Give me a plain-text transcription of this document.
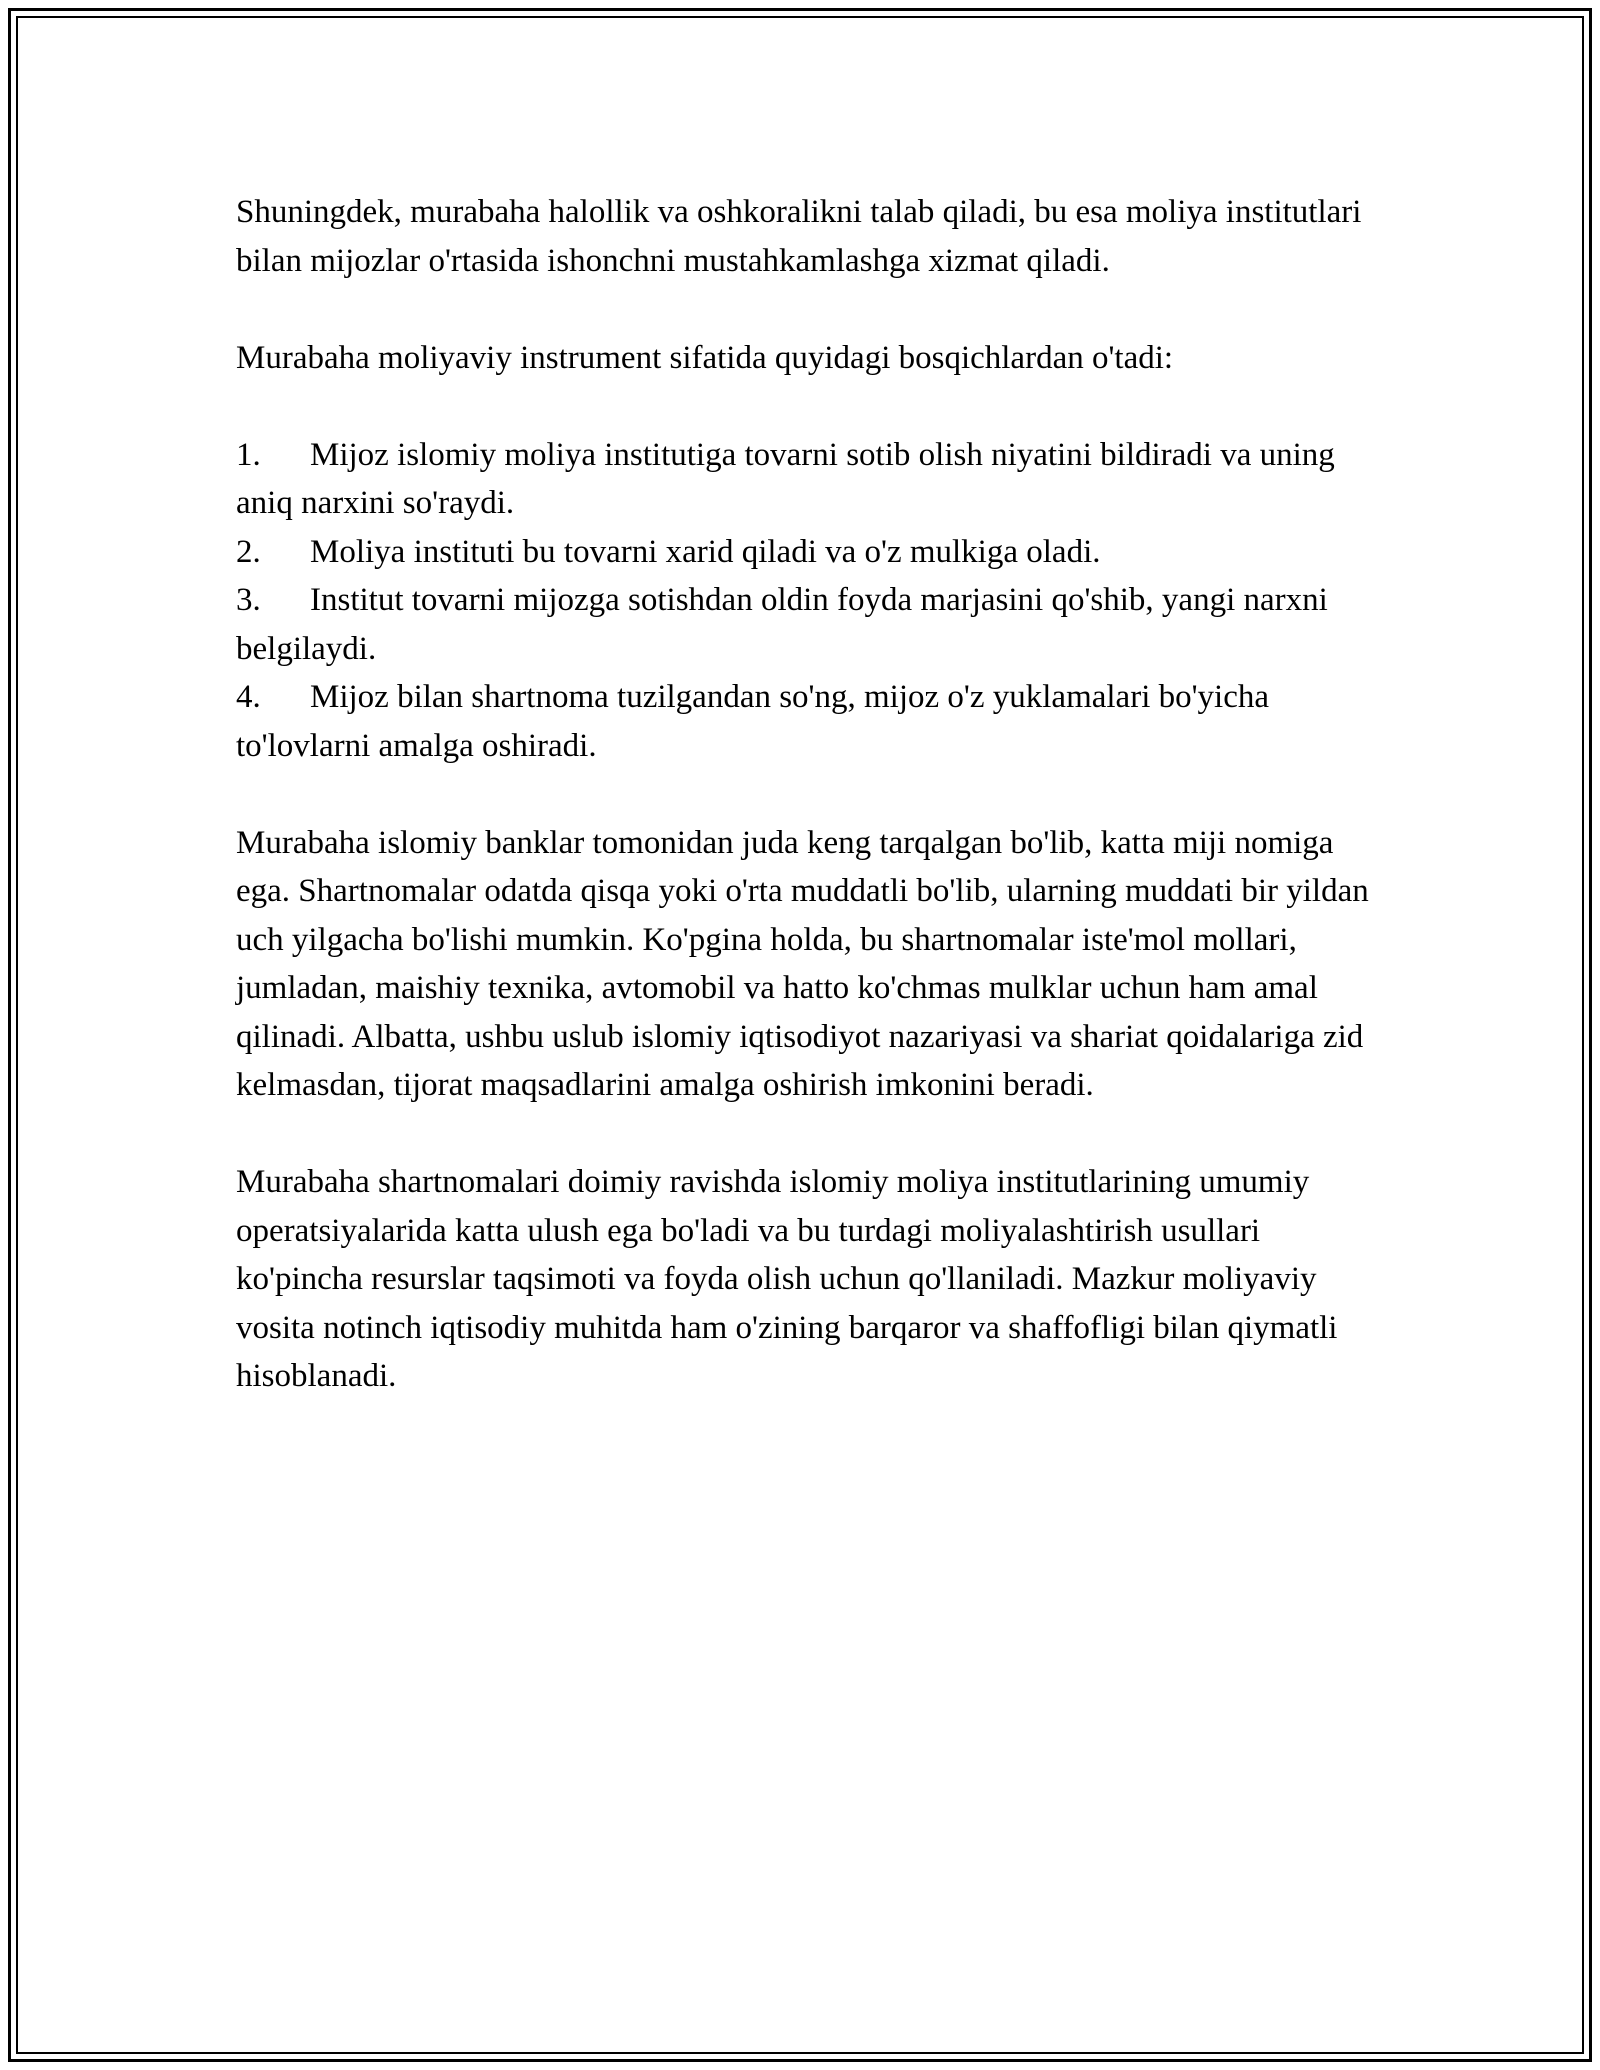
Shuningdek, murabaha halollik va oshkoralikni talab qiladi, bu esa moliya institutlari bilan mijozlar o'rtasida ishonchni mustahkamlashga xizmat qiladi.

Murabaha moliyaviy instrument sifatida quyidagi bosqichlardan o'tadi:

1. Mijoz islomiy moliya institutiga tovarni sotib olish niyatini bildiradi va uning aniq narxini so'raydi.
2. Moliya instituti bu tovarni xarid qiladi va o'z mulkiga oladi.
3. Institut tovarni mijozga sotishdan oldin foyda marjasini qo'shib, yangi narxni belgilaydi.
4. Mijoz bilan shartnoma tuzilgandan so'ng, mijoz o'z yuklamalari bo'yicha to'lovlarni amalga oshiradi.

Murabaha islomiy banklar tomonidan juda keng tarqalgan bo'lib, katta miji nomiga ega. Shartnomalar odatda qisqa yoki o'rta muddatli bo'lib, ularning muddati bir yildan uch yilgacha bo'lishi mumkin. Ko'pgina holda, bu shartnomalar iste'mol mollari, jumladan, maishiy texnika, avtomobil va hatto ko'chmas mulklar uchun ham amal qilinadi. Albatta, ushbu uslub islomiy iqtisodiyot nazariyasi va shariat qoidalariga zid kelmasdan, tijorat maqsadlarini amalga oshirish imkonini beradi.

Murabaha shartnomalari doimiy ravishda islomiy moliya institutlarining umumiy operatsiyalarida katta ulush ega bo'ladi va bu turdagi moliyalashtirish usullari ko'pincha resurslar taqsimoti va foyda olish uchun qo'llaniladi. Mazkur moliyaviy vosita notinch iqtisodiy muhitda ham o'zining barqaror va shaffofligi bilan qiymatli hisoblanadi.
